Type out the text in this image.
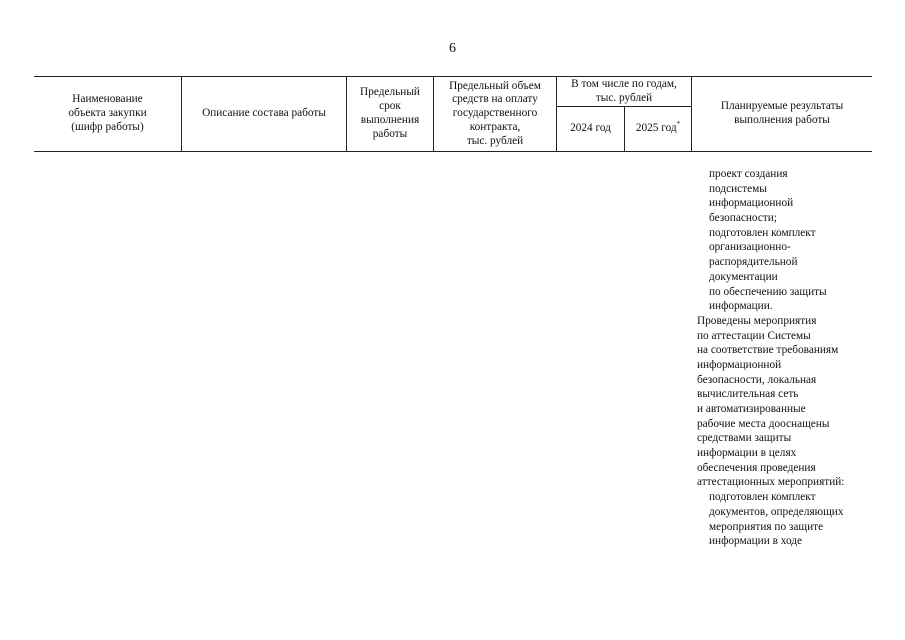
6
Наименование
объекта закупки
(шифр работы)
Описание состава работы
Предельный
срок
выполнения
работы
Предельный объем
средств на оплату
государственного
контракта,
тыс. рублей
В том числе по годам,
тыс. рублей
2024 год	2025 год*
Планируемые результаты
выполнения работы
проект создания
подсистемы
информационной
безопасности;
подготовлен комплект
организационно-
распорядительной
документации
по обеспечению защиты
информации.
Проведены мероприятия
по аттестации Системы
на соответствие требованиям
информационной
безопасности, локальная
вычислительная сеть
и автоматизированные
рабочие места дооснащены
средствами защиты
информации в целях
обеспечения проведения
аттестационных мероприятий:
подготовлен комплект
документов, определяющих
мероприятия по защите
информации в ходе
